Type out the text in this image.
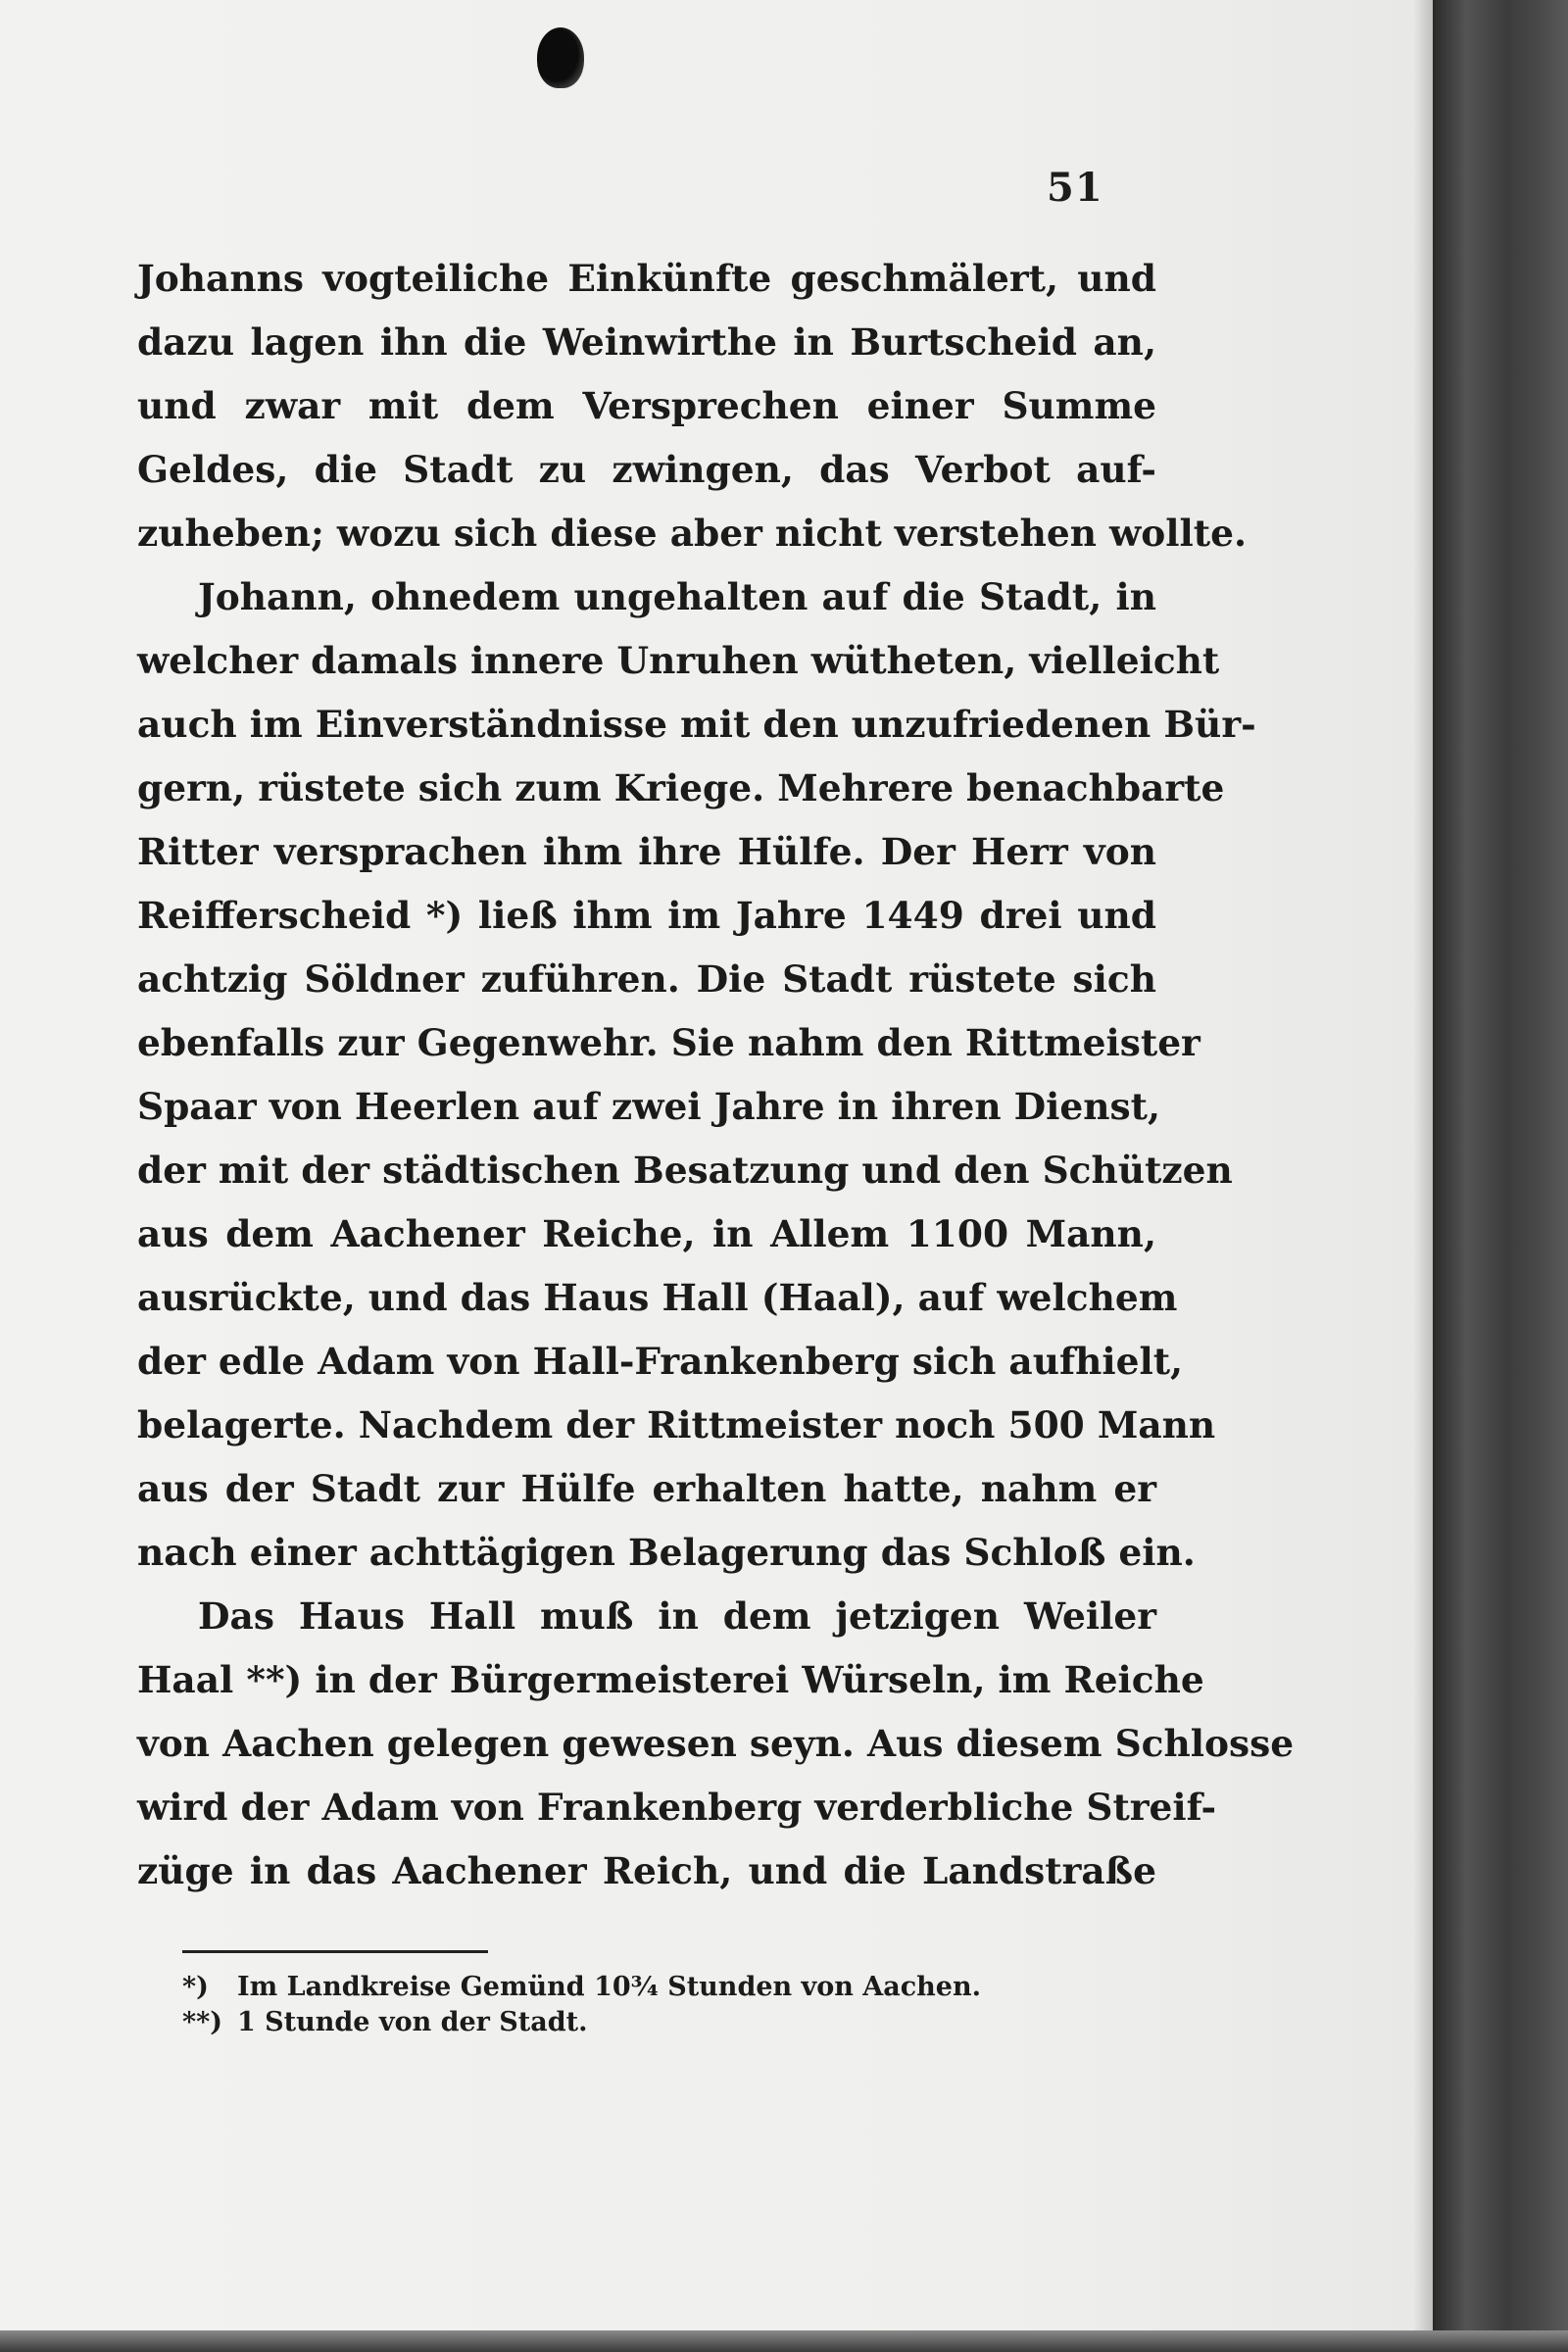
51
Johanns vogteiliche Einkünfte geschmälert, und
dazu lagen ihn die Weinwirthe in Burtscheid an,
und zwar mit dem Versprechen einer Summe
Geldes, die Stadt zu zwingen, das Verbot auf-
zuheben; wozu sich diese aber nicht verstehen wollte.
Johann, ohnedem ungehalten auf die Stadt, in
welcher damals innere Unruhen wütheten, vielleicht
auch im Einverständnisse mit den unzufriedenen Bür-
gern, rüstete sich zum Kriege. Mehrere benachbarte
Ritter versprachen ihm ihre Hülfe. Der Herr von
Reifferscheid *) ließ ihm im Jahre 1449 drei und
achtzig Söldner zuführen. Die Stadt rüstete sich
ebenfalls zur Gegenwehr. Sie nahm den Rittmeister
Spaar von Heerlen auf zwei Jahre in ihren Dienst,
der mit der städtischen Besatzung und den Schützen
aus dem Aachener Reiche, in Allem 1100 Mann,
ausrückte, und das Haus Hall (Haal), auf welchem
der edle Adam von Hall-Frankenberg sich aufhielt,
belagerte. Nachdem der Rittmeister noch 500 Mann
aus der Stadt zur Hülfe erhalten hatte, nahm er
nach einer achttägigen Belagerung das Schloß ein.
Das Haus Hall muß in dem jetzigen Weiler
Haal **) in der Bürgermeisterei Würseln, im Reiche
von Aachen gelegen gewesen seyn. Aus diesem Schlosse
wird der Adam von Frankenberg verderbliche Streif-
züge in das Aachener Reich, und die Landstraße
*) Im Landkreise Gemünd 10¾ Stunden von Aachen.
**) 1 Stunde von der Stadt.
